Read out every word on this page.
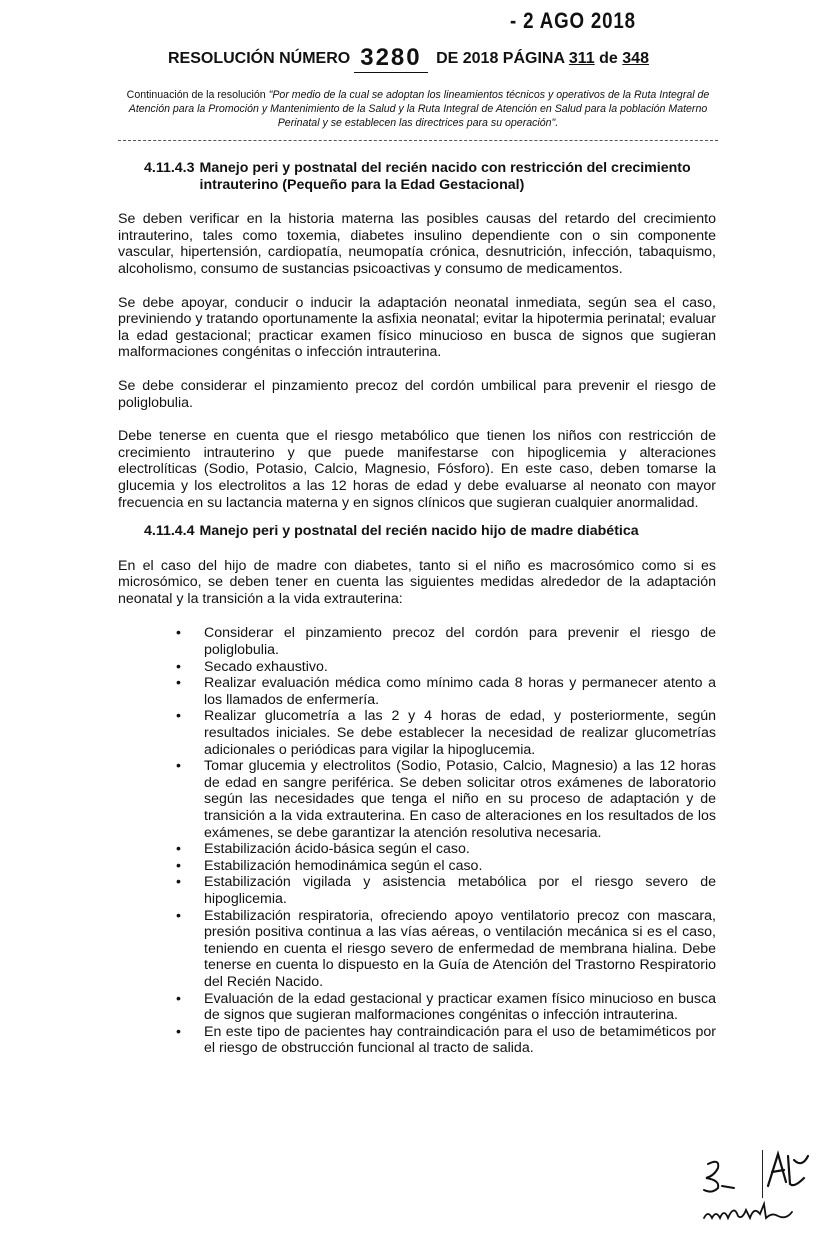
- 2 AGO 2018
RESOLUCIÓN NÚMERO 3280 DE 2018 PÁGINA 311 de 348
Continuación de la resolución "Por medio de la cual se adoptan los lineamientos técnicos y operativos de la Ruta Integral de Atención para la Promoción y Mantenimiento de la Salud y la Ruta Integral de Atención en Salud para la población Materno Perinatal y se establecen las directrices para su operación".
4.11.4.3 Manejo peri y postnatal del recién nacido con restricción del crecimiento intrauterino (Pequeño para la Edad Gestacional)

Se deben verificar en la historia materna las posibles causas del retardo del crecimiento intrauterino, tales como toxemia, diabetes insulino dependiente con o sin componente vascular, hipertensión, cardiopatía, neumopatía crónica, desnutrición, infección, tabaquismo, alcoholismo, consumo de sustancias psicoactivas y consumo de medicamentos.

Se debe apoyar, conducir o inducir la adaptación neonatal inmediata, según sea el caso, previniendo y tratando oportunamente la asfixia neonatal; evitar la hipotermia perinatal; evaluar la edad gestacional; practicar examen físico minucioso en busca de signos que sugieran malformaciones congénitas o infección intrauterina.

Se debe considerar el pinzamiento precoz del cordón umbilical para prevenir el riesgo de poliglobulia.

Debe tenerse en cuenta que el riesgo metabólico que tienen los niños con restricción de crecimiento intrauterino y que puede manifestarse con hipoglicemia y alteraciones electrolíticas (Sodio, Potasio, Calcio, Magnesio, Fósforo). En este caso, deben tomarse la glucemia y los electrolitos a las 12 horas de edad y debe evaluarse al neonato con mayor frecuencia en su lactancia materna y en signos clínicos que sugieran cualquier anormalidad.

4.11.4.4 Manejo peri y postnatal del recién nacido hijo de madre diabética

En el caso del hijo de madre con diabetes, tanto si el niño es macrosómico como si es microsómico, se deben tener en cuenta las siguientes medidas alrededor de la adaptación neonatal y la transición a la vida extrauterina:

• Considerar el pinzamiento precoz del cordón para prevenir el riesgo de poliglobulia.
• Secado exhaustivo.
• Realizar evaluación médica como mínimo cada 8 horas y permanecer atento a los llamados de enfermería.
• Realizar glucometría a las 2 y 4 horas de edad, y posteriormente, según resultados iniciales. Se debe establecer la necesidad de realizar glucometrías adicionales o periódicas para vigilar la hipoglucemia.
• Tomar glucemia y electrolitos (Sodio, Potasio, Calcio, Magnesio) a las 12 horas de edad en sangre periférica. Se deben solicitar otros exámenes de laboratorio según las necesidades que tenga el niño en su proceso de adaptación y de transición a la vida extrauterina. En caso de alteraciones en los resultados de los exámenes, se debe garantizar la atención resolutiva necesaria.
• Estabilización ácido-básica según el caso.
• Estabilización hemodinámica según el caso.
• Estabilización vigilada y asistencia metabólica por el riesgo severo de hipoglicemia.
• Estabilización respiratoria, ofreciendo apoyo ventilatorio precoz con mascara, presión positiva continua a las vías aéreas, o ventilación mecánica si es el caso, teniendo en cuenta el riesgo severo de enfermedad de membrana hialina. Debe tenerse en cuenta lo dispuesto en la Guía de Atención del Trastorno Respiratorio del Recién Nacido.
• Evaluación de la edad gestacional y practicar examen físico minucioso en busca de signos que sugieran malformaciones congénitas o infección intrauterina.
• En este tipo de pacientes hay contraindicación para el uso de betamiméticos por el riesgo de obstrucción funcional al tracto de salida.
